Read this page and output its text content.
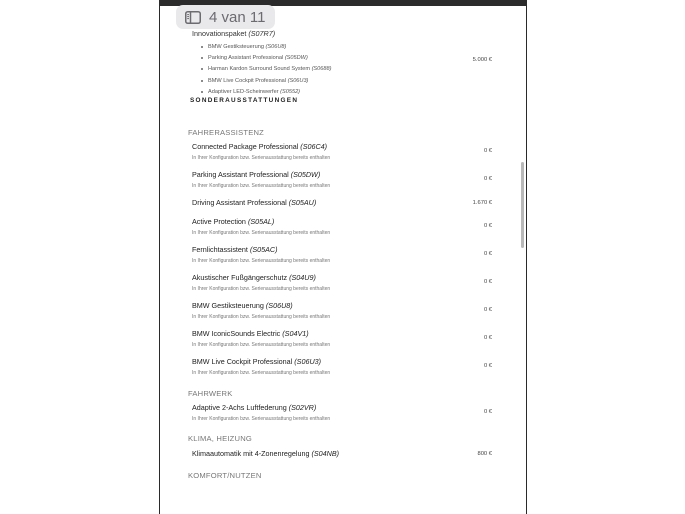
Innovationspaket (S07R7)
BMW Gestiksteuerung
(S06U8)
Parking Assistant Professional
(S05DW)
Harman Kardon Surround Sound System
(S0688)
BMW Live Cockpit Professional
(S06U3)
Adaptiver LED-Scheinwerfer
(S0552)
5.000 €
SONDERAUSSTATTUNGEN
FAHRERASSISTENZ
Connected Package Professional (S06C4)
In Ihrer Konfiguration bzw. Serienausstattung bereits enthalten
0 €
Parking Assistant Professional (S05DW)
In Ihrer Konfiguration bzw. Serienausstattung bereits enthalten
0 €
Driving Assistant Professional (S05AU)	1.670 €
Active Protection (S05AL)
In Ihrer Konfiguration bzw. Serienausstattung bereits enthalten
0 €
Fernlichtassistent (S05AC)
In Ihrer Konfiguration bzw. Serienausstattung bereits enthalten
0 €
Akustischer Fußgängerschutz (S04U9)
In Ihrer Konfiguration bzw. Serienausstattung bereits enthalten
0 €
BMW Gestiksteuerung (S06U8)
In Ihrer Konfiguration bzw. Serienausstattung bereits enthalten
0 €
BMW IconicSounds Electric (S04V1)
In Ihrer Konfiguration bzw. Serienausstattung bereits enthalten
0 €
BMW Live Cockpit Professional (S06U3)
In Ihrer Konfiguration bzw. Serienausstattung bereits enthalten
0 €
FAHRWERK
Adaptive 2-Achs Luftfederung (S02VR)
In Ihrer Konfiguration bzw. Serienausstattung bereits enthalten
0 €
KLIMA, HEIZUNG
Klimaautomatik mit 4-Zonenregelung (S04NB)	800 €
KOMFORT/NUTZEN
4 van 11
